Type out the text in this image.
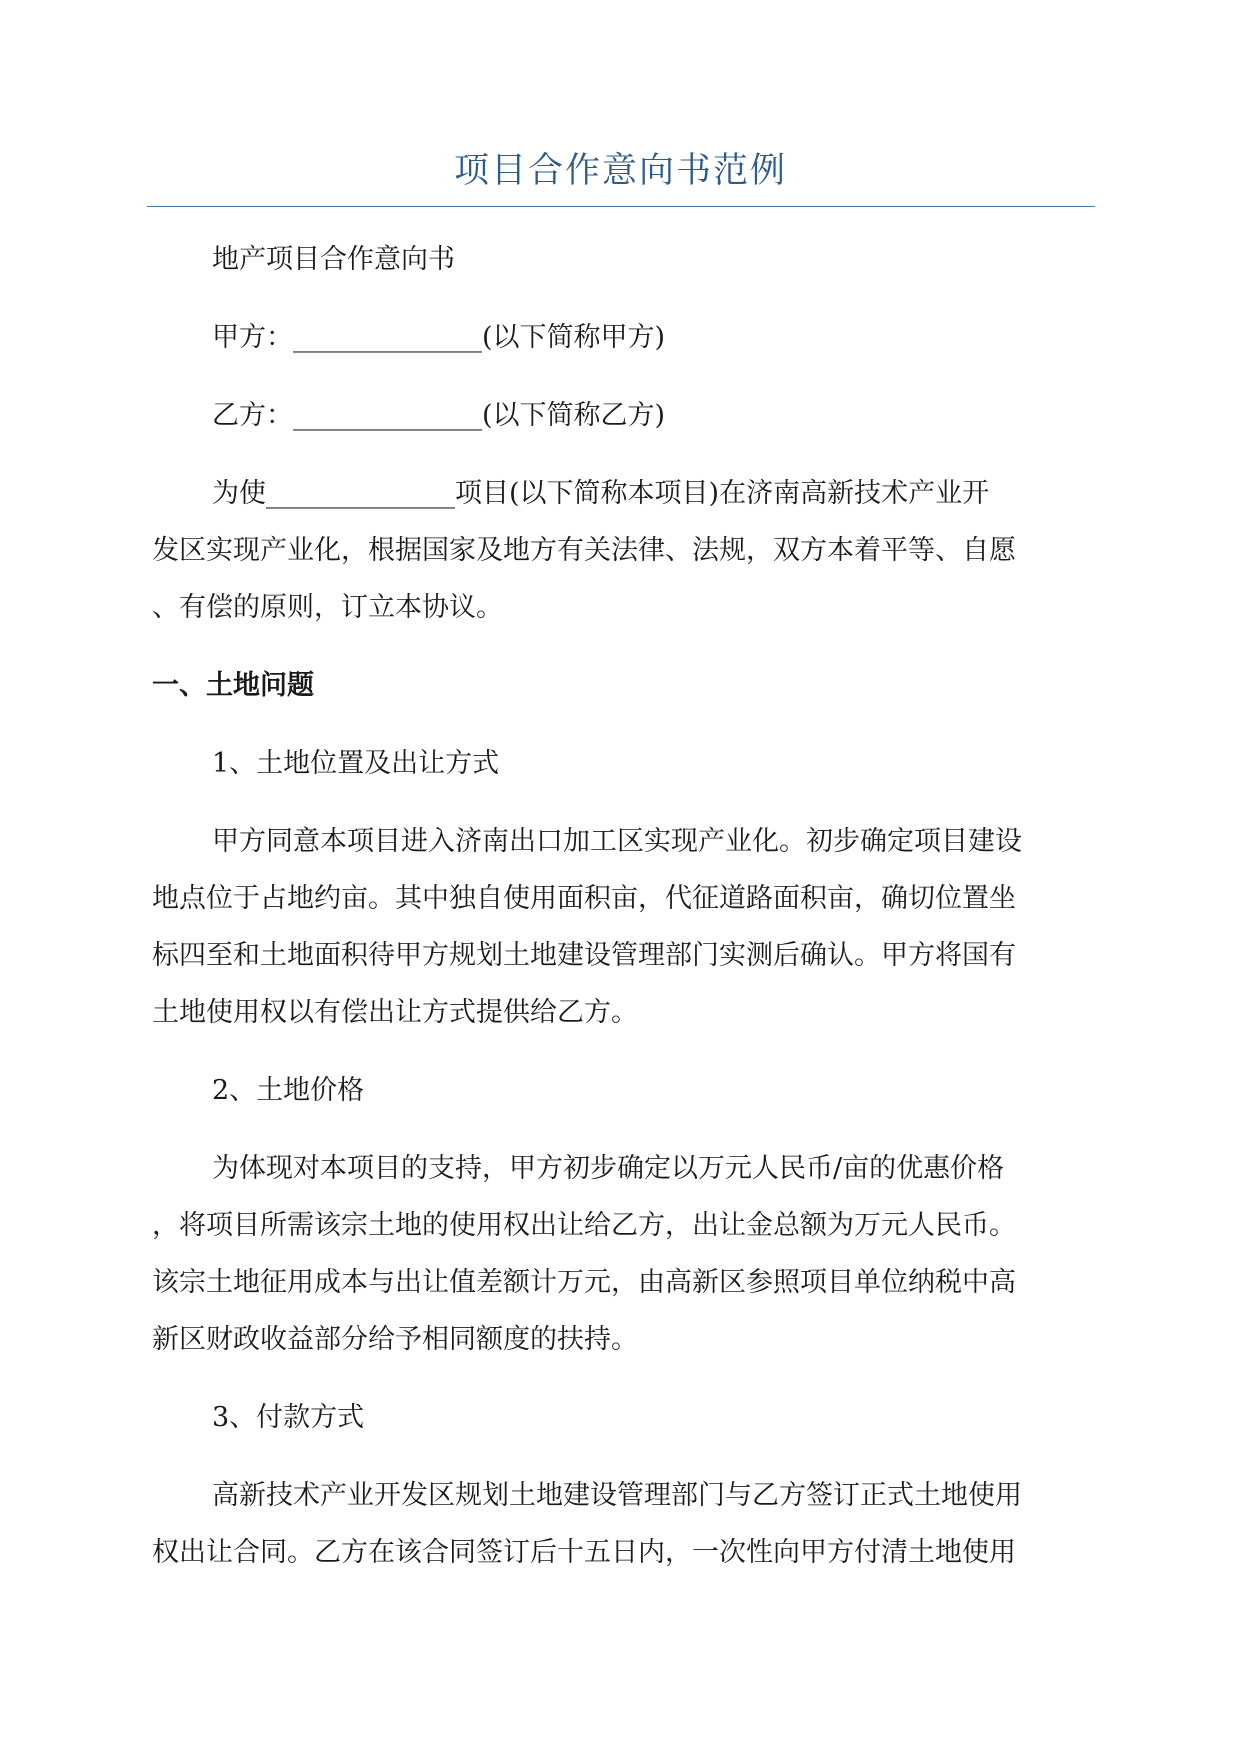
项目合作意向书范例

地产项目合作意向书

甲方：______________(以下简称甲方)

乙方：______________(以下简称乙方)

为使______________项目(以下简称本项目)在济南高新技术产业开

发区实现产业化，根据国家及地方有关法律、法规，双方本着平等、自愿

、有偿的原则，订立本协议。

一、土地问题

1、土地位置及出让方式

甲方同意本项目进入济南出口加工区实现产业化。初步确定项目建设

地点位于占地约亩。其中独自使用面积亩，代征道路面积亩，确切位置坐

标四至和土地面积待甲方规划土地建设管理部门实测后确认。甲方将国有

土地使用权以有偿出让方式提供给乙方。

2、土地价格

为体现对本项目的支持，甲方初步确定以万元人民币/亩的优惠价格

，将项目所需该宗土地的使用权出让给乙方，出让金总额为万元人民币。

该宗土地征用成本与出让值差额计万元，由高新区参照项目单位纳税中高

新区财政收益部分给予相同额度的扶持。

3、付款方式

高新技术产业开发区规划土地建设管理部门与乙方签订正式土地使用

权出让合同。乙方在该合同签订后十五日内，一次性向甲方付清土地使用
